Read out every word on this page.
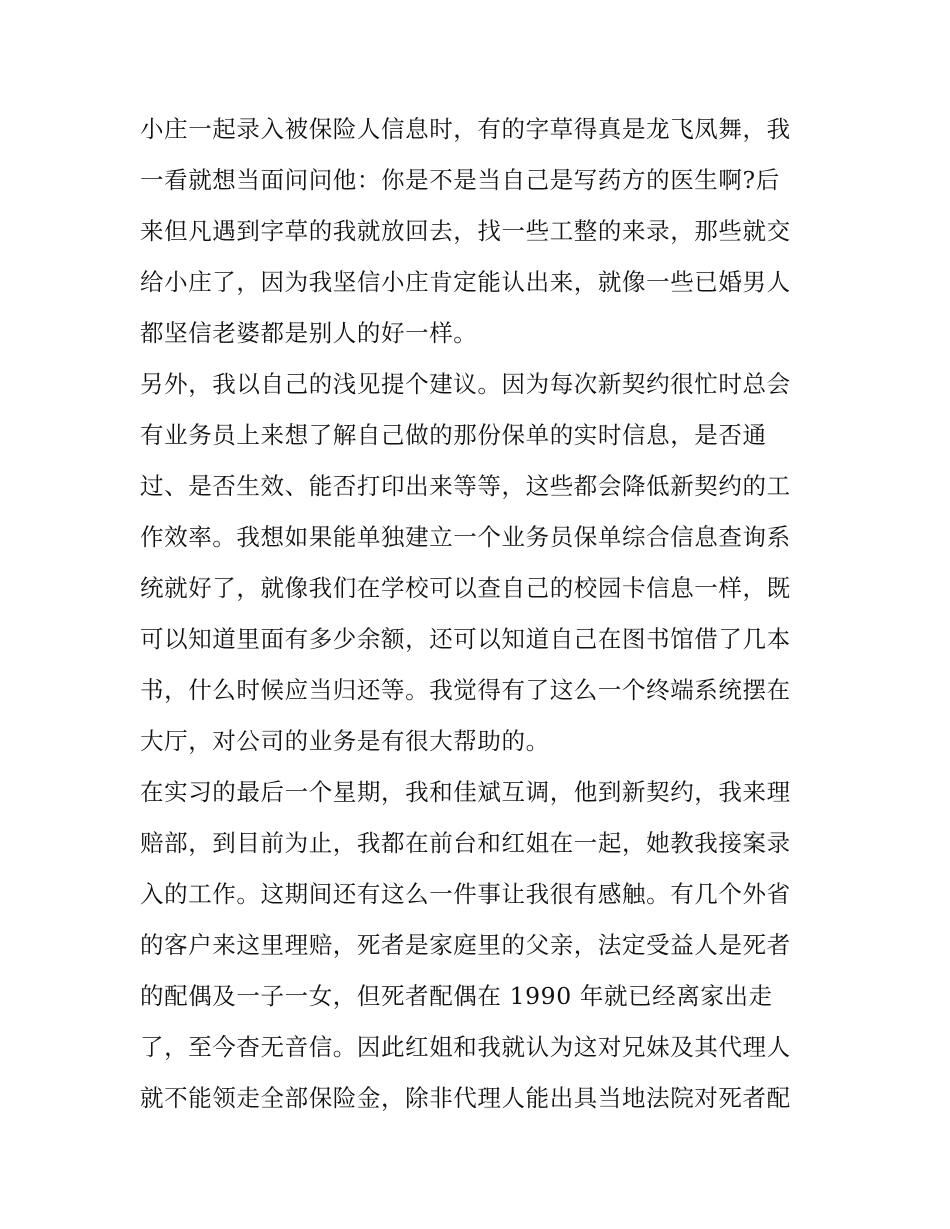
小庄一起录入被保险人信息时，有的字草得真是龙飞凤舞，我
一看就想当面问问他：你是不是当自己是写药方的医生啊?后
来但凡遇到字草的我就放回去，找一些工整的来录，那些就交
给小庄了，因为我坚信小庄肯定能认出来，就像一些已婚男人
都坚信老婆都是别人的好一样。
另外，我以自己的浅见提个建议。因为每次新契约很忙时总会
有业务员上来想了解自己做的那份保单的实时信息，是否通
过、是否生效、能否打印出来等等，这些都会降低新契约的工
作效率。我想如果能单独建立一个业务员保单综合信息查询系
统就好了，就像我们在学校可以查自己的校园卡信息一样，既
可以知道里面有多少余额，还可以知道自己在图书馆借了几本
书，什么时候应当归还等。我觉得有了这么一个终端系统摆在
大厅，对公司的业务是有很大帮助的。
在实习的最后一个星期，我和佳斌互调，他到新契约，我来理
赔部，到目前为止，我都在前台和红姐在一起，她教我接案录
入的工作。这期间还有这么一件事让我很有感触。有几个外省
的客户来这里理赔，死者是家庭里的父亲，法定受益人是死者
的配偶及一子一女，但死者配偶在 1990 年就已经离家出走
了，至今杳无音信。因此红姐和我就认为这对兄妹及其代理人
就不能领走全部保险金，除非代理人能出具当地法院对死者配
